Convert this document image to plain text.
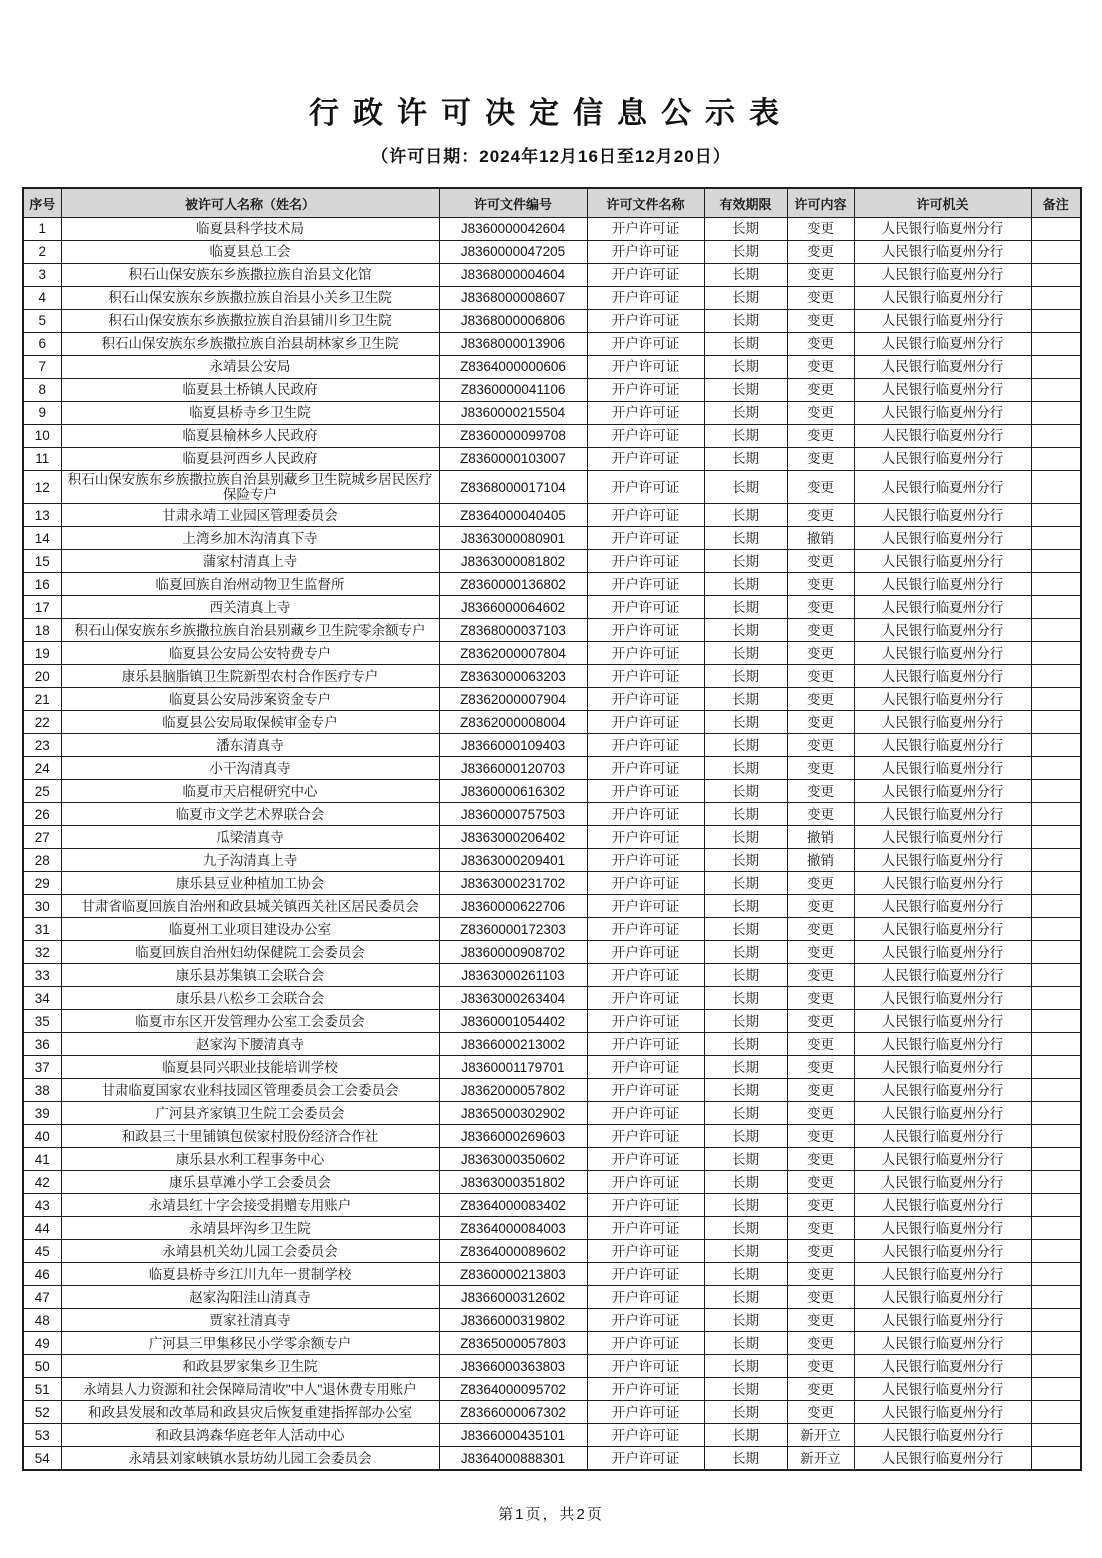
行政许可决定信息公示表
（许可日期：2024年12月16日至12月20日）
序号	被许可人名称（姓名）	许可文件编号	许可文件名称	有效期限	许可内容	许可机关	备注
1	临夏县科学技术局	J8360000042604	开户许可证	长期	变更	人民银行临夏州分行	
2	临夏县总工会	J8360000047205	开户许可证	长期	变更	人民银行临夏州分行	
3	积石山保安族东乡族撒拉族自治县文化馆	J8368000004604	开户许可证	长期	变更	人民银行临夏州分行	
4	积石山保安族东乡族撒拉族自治县小关乡卫生院	J8368000008607	开户许可证	长期	变更	人民银行临夏州分行	
5	积石山保安族东乡族撒拉族自治县铺川乡卫生院	J8368000006806	开户许可证	长期	变更	人民银行临夏州分行	
6	积石山保安族东乡族撒拉族自治县胡林家乡卫生院	J8368000013906	开户许可证	长期	变更	人民银行临夏州分行	
7	永靖县公安局	Z8364000000606	开户许可证	长期	变更	人民银行临夏州分行	
8	临夏县土桥镇人民政府	Z8360000041106	开户许可证	长期	变更	人民银行临夏州分行	
9	临夏县桥寺乡卫生院	J8360000215504	开户许可证	长期	变更	人民银行临夏州分行	
10	临夏县榆林乡人民政府	Z8360000099708	开户许可证	长期	变更	人民银行临夏州分行	
11	临夏县河西乡人民政府	Z8360000103007	开户许可证	长期	变更	人民银行临夏州分行	
12	积石山保安族东乡族撒拉族自治县别藏乡卫生院城乡居民医疗保险专户	Z8368000017104	开户许可证	长期	变更	人民银行临夏州分行	
13	甘肃永靖工业园区管理委员会	Z8364000040405	开户许可证	长期	变更	人民银行临夏州分行	
14	上湾乡加木沟清真下寺	J8363000080901	开户许可证	长期	撤销	人民银行临夏州分行	
15	蒲家村清真上寺	J8363000081802	开户许可证	长期	变更	人民银行临夏州分行	
16	临夏回族自治州动物卫生监督所	Z8360000136802	开户许可证	长期	变更	人民银行临夏州分行	
17	西关清真上寺	J8366000064602	开户许可证	长期	变更	人民银行临夏州分行	
18	积石山保安族东乡族撒拉族自治县别藏乡卫生院零余额专户	Z8368000037103	开户许可证	长期	变更	人民银行临夏州分行	
19	临夏县公安局公安特费专户	Z8362000007804	开户许可证	长期	变更	人民银行临夏州分行	
20	康乐县脑脂镇卫生院新型农村合作医疗专户	Z8363000063203	开户许可证	长期	变更	人民银行临夏州分行	
21	临夏县公安局涉案资金专户	Z8362000007904	开户许可证	长期	变更	人民银行临夏州分行	
22	临夏县公安局取保候审金专户	Z8362000008004	开户许可证	长期	变更	人民银行临夏州分行	
23	潘东清真寺	J8366000109403	开户许可证	长期	变更	人民银行临夏州分行	
24	小干沟清真寺	J8366000120703	开户许可证	长期	变更	人民银行临夏州分行	
25	临夏市天启棍研究中心	J8360000616302	开户许可证	长期	变更	人民银行临夏州分行	
26	临夏市文学艺术界联合会	J8360000757503	开户许可证	长期	变更	人民银行临夏州分行	
27	瓜梁清真寺	J8363000206402	开户许可证	长期	撤销	人民银行临夏州分行	
28	九子沟清真上寺	J8363000209401	开户许可证	长期	撤销	人民银行临夏州分行	
29	康乐县豆业种植加工协会	J8363000231702	开户许可证	长期	变更	人民银行临夏州分行	
30	甘肃省临夏回族自治州和政县城关镇西关社区居民委员会	J8360000622706	开户许可证	长期	变更	人民银行临夏州分行	
31	临夏州工业项目建设办公室	Z8360000172303	开户许可证	长期	变更	人民银行临夏州分行	
32	临夏回族自治州妇幼保健院工会委员会	J8360000908702	开户许可证	长期	变更	人民银行临夏州分行	
33	康乐县苏集镇工会联合会	J8363000261103	开户许可证	长期	变更	人民银行临夏州分行	
34	康乐县八松乡工会联合会	J8363000263404	开户许可证	长期	变更	人民银行临夏州分行	
35	临夏市东区开发管理办公室工会委员会	J8360001054402	开户许可证	长期	变更	人民银行临夏州分行	
36	赵家沟下腰清真寺	J8366000213002	开户许可证	长期	变更	人民银行临夏州分行	
37	临夏县同兴职业技能培训学校	J8360001179701	开户许可证	长期	变更	人民银行临夏州分行	
38	甘肃临夏国家农业科技园区管理委员会工会委员会	J8362000057802	开户许可证	长期	变更	人民银行临夏州分行	
39	广河县齐家镇卫生院工会委员会	J8365000302902	开户许可证	长期	变更	人民银行临夏州分行	
40	和政县三十里铺镇包侯家村股份经济合作社	J8366000269603	开户许可证	长期	变更	人民银行临夏州分行	
41	康乐县水利工程事务中心	J8363000350602	开户许可证	长期	变更	人民银行临夏州分行	
42	康乐县草滩小学工会委员会	J8363000351802	开户许可证	长期	变更	人民银行临夏州分行	
43	永靖县红十字会接受捐赠专用账户	Z8364000083402	开户许可证	长期	变更	人民银行临夏州分行	
44	永靖县坪沟乡卫生院	Z8364000084003	开户许可证	长期	变更	人民银行临夏州分行	
45	永靖县机关幼儿园工会委员会	Z8364000089602	开户许可证	长期	变更	人民银行临夏州分行	
46	临夏县桥寺乡江川九年一贯制学校	Z8360000213803	开户许可证	长期	变更	人民银行临夏州分行	
47	赵家沟阳洼山清真寺	J8366000312602	开户许可证	长期	变更	人民银行临夏州分行	
48	贾家社清真寺	J8366000319802	开户许可证	长期	变更	人民银行临夏州分行	
49	广河县三甲集移民小学零余额专户	Z8365000057803	开户许可证	长期	变更	人民银行临夏州分行	
50	和政县罗家集乡卫生院	J8366000363803	开户许可证	长期	变更	人民银行临夏州分行	
51	永靖县人力资源和社会保障局清收"中人"退休费专用账户	Z8364000095702	开户许可证	长期	变更	人民银行临夏州分行	
52	和政县发展和改革局和政县灾后恢复重建指挥部办公室	Z8366000067302	开户许可证	长期	变更	人民银行临夏州分行	
53	和政县鸿森华庭老年人活动中心	J8366000435101	开户许可证	长期	新开立	人民银行临夏州分行	
54	永靖县刘家峡镇水景坊幼儿园工会委员会	J8364000888301	开户许可证	长期	新开立	人民银行临夏州分行	
第1页，共2页
